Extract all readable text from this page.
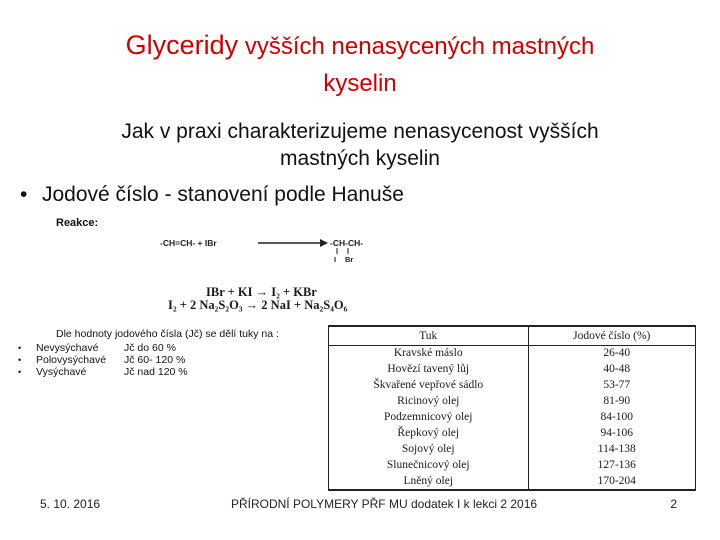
Glyceridy vyšších nenasycených mastných
kyselin
Jak v praxi charakterizujeme nenasycenost vyšších
mastných kyselin
• Jodové číslo - stanovení podle Hanuše
Reakce:
-CH=CH- + IBr	-CH-CH-
I Br
IBr + KI → I₂ + KBr
I₂ + 2 Na₂S₂O₃ → 2 NaI + Na₂S₄O₆
Dle hodnoty jodového čísla (Jč) se dělí tuky na :
• Nevysýchavé Jč do 60 %
• Polovysýchavé Jč 60- 120 %
• Vysýchavé	Jč nad 120 %
Tuk	Jodové číslo (%)
Kravské máslo	26-40
Hovězí tavený lůj	40-48
Škvařené vepřové sádlo	53-77
Ricinový olej	81-90
Podzemnicový olej	84-100
Řepkový olej	94-106
Sojový olej	114-138
Slunečnicový olej	127-136
Lněný olej	170-204
5. 10. 2016	PŘÍRODNÍ POLYMERY PŘF MU dodatek I k lekci 2 2016	2
